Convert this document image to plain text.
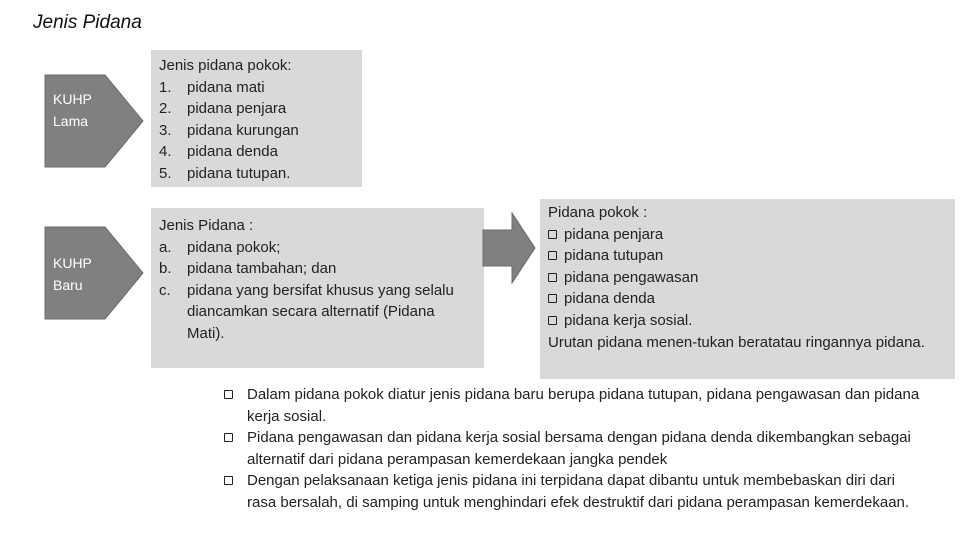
Jenis Pidana
KUHP
Lama
KUHP
Baru
Jenis pidana pokok:
1.	pidana mati
2.	pidana penjara
3.	pidana kurungan
4.	pidana denda
5.	pidana tutupan.
Jenis Pidana :
a.	pidana pokok;
b.	pidana tambahan; dan
c.	pidana yang bersifat khusus yang selalu diancamkan secara alternatif (Pidana Mati).
Pidana pokok :
pidana penjara
pidana tutupan
pidana pengawasan
pidana denda
pidana kerja sosial.
Urutan pidana menen-tukan beratatau ringannya pidana.
Dalam pidana pokok diatur jenis pidana baru berupa pidana tutupan, pidana pengawasan dan pidana kerja sosial.
Pidana pengawasan dan pidana kerja sosial bersama dengan pidana denda dikembangkan sebagai alternatif dari pidana perampasan kemerdekaan jangka pendek
Dengan pelaksanaan ketiga jenis pidana ini terpidana dapat dibantu untuk membebaskan diri dari rasa bersalah, di samping untuk menghindari efek destruktif dari pidana perampasan kemerdekaan.
